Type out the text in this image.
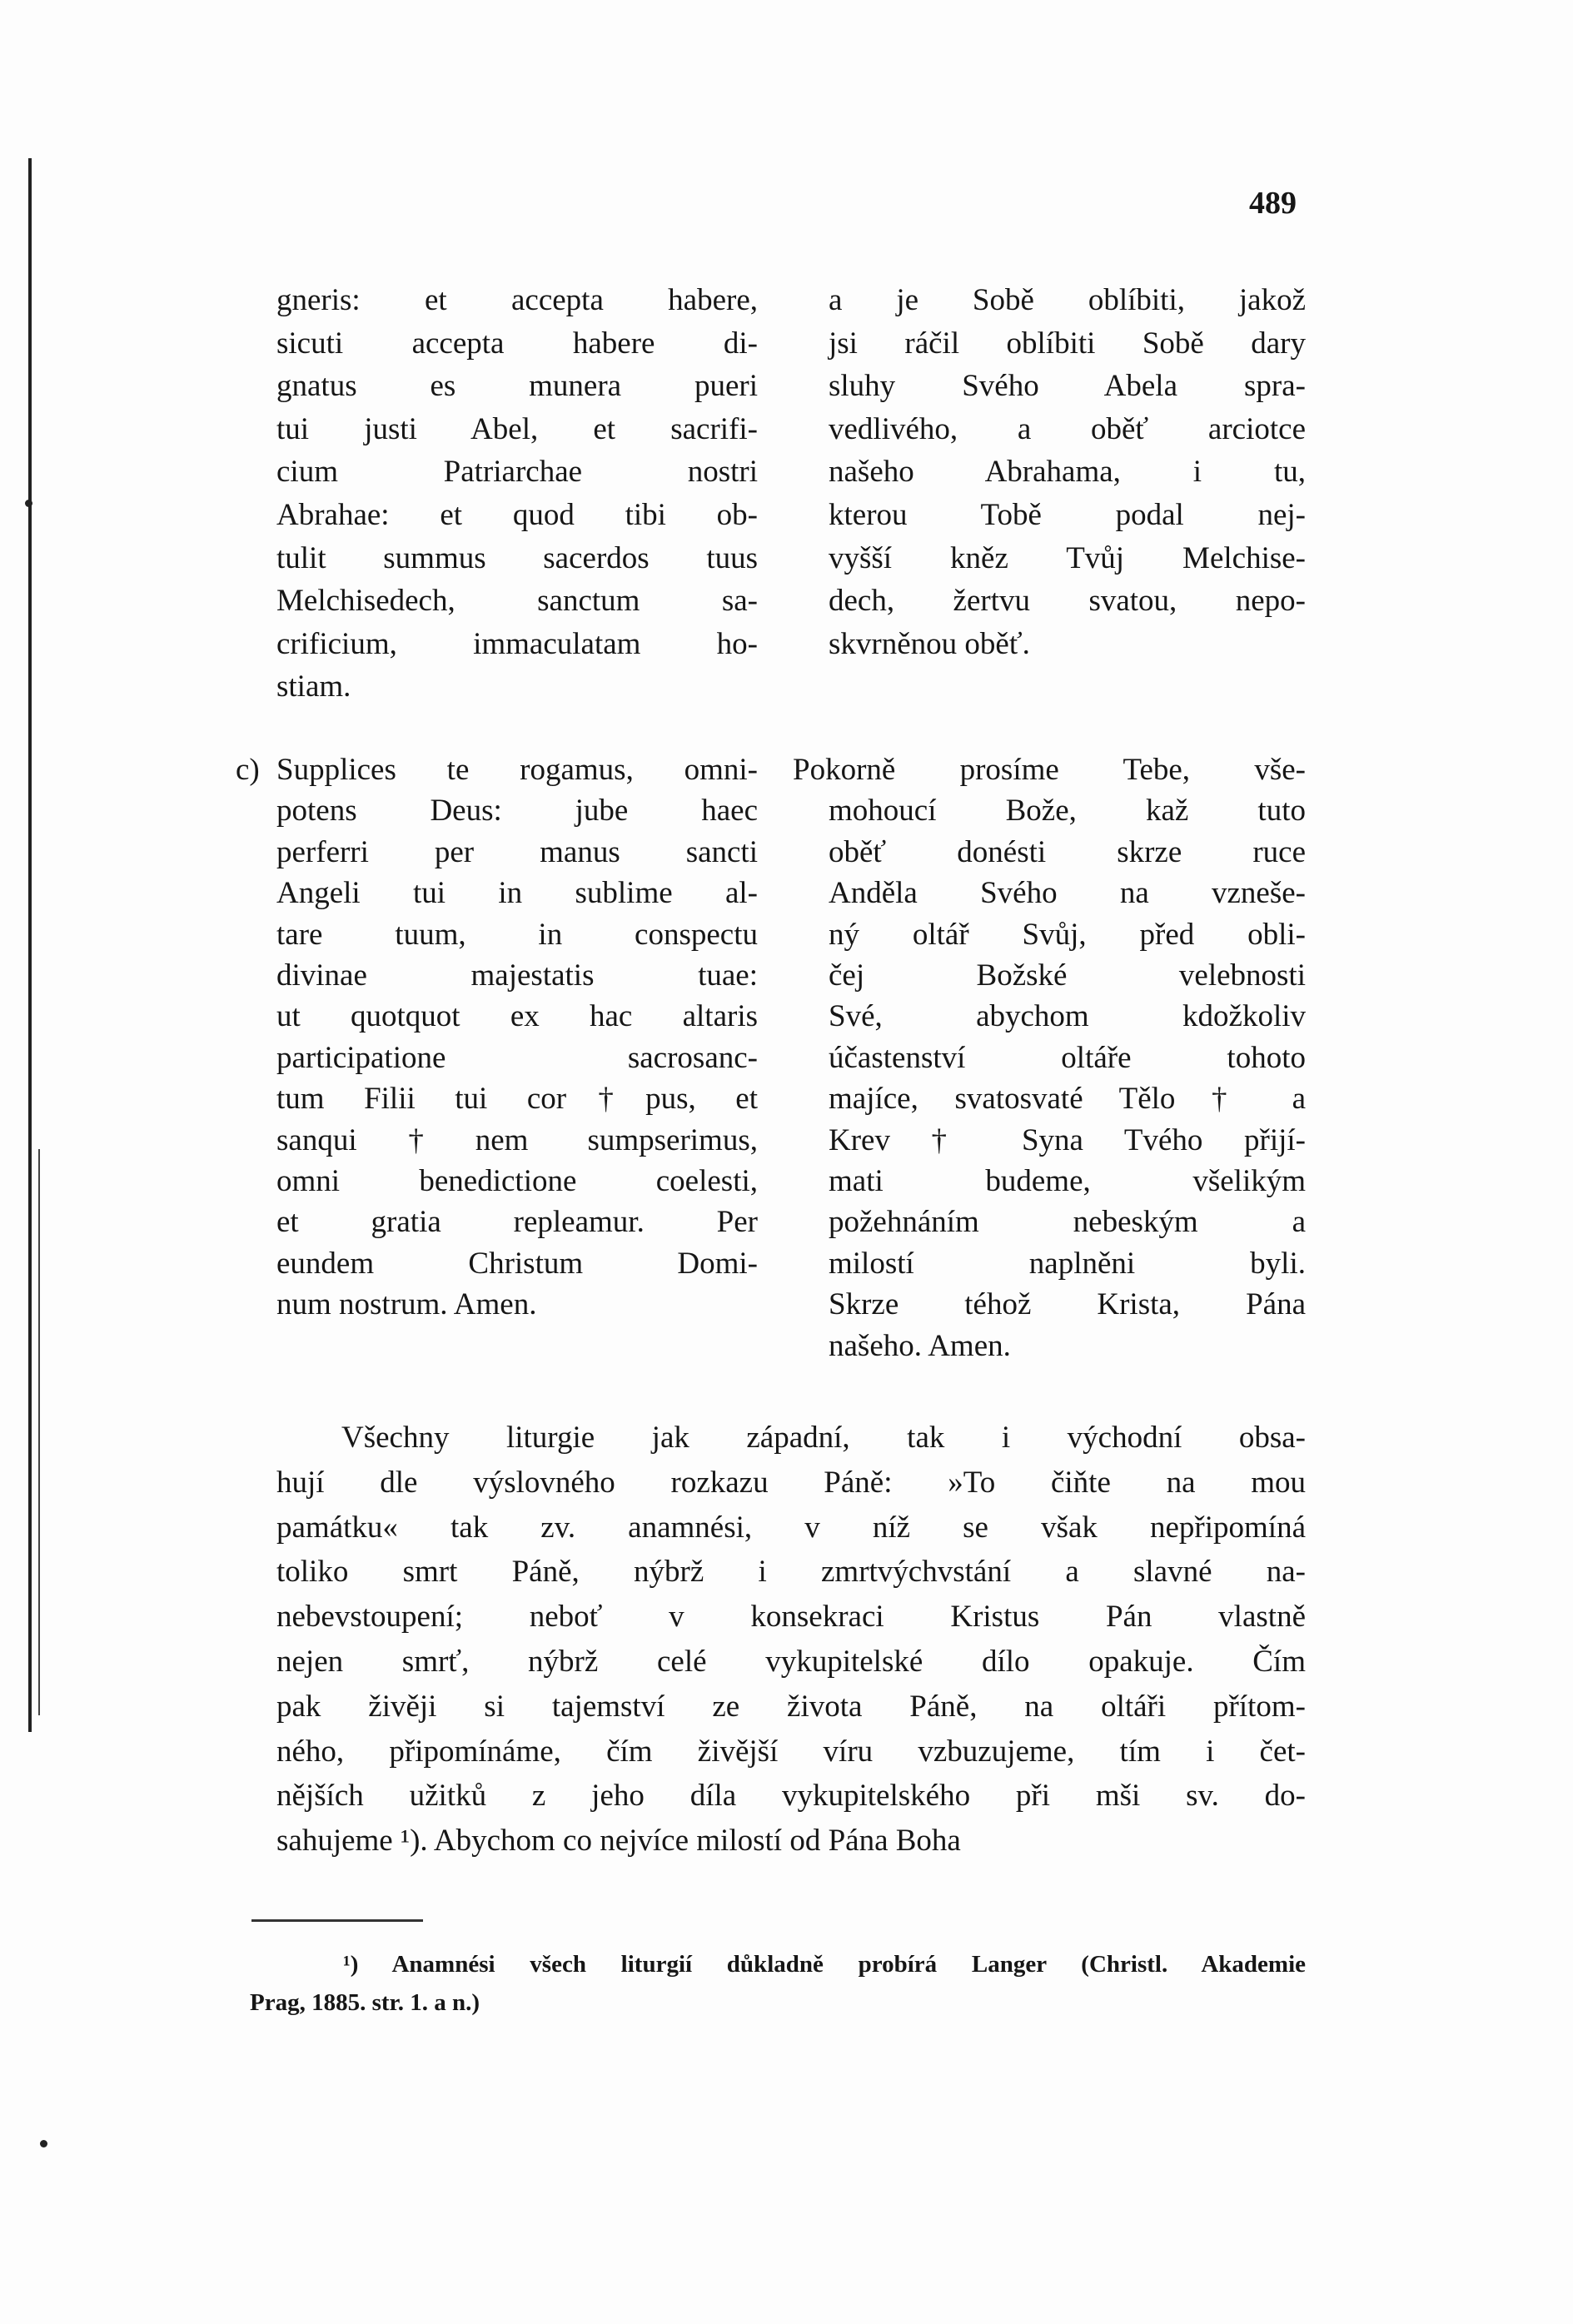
489
gneris: et accepta habere,
sicuti accepta habere di-
gnatus es munera pueri
tui justi Abel, et sacrifi-
cium Patriarchae nostri
Abrahae: et quod tibi ob-
tulit summus sacerdos tuus
Melchisedech, sanctum sa-
crificium, immaculatam ho-
stiam.
a je Sobě oblíbiti, jakož
jsi ráčil oblíbiti Sobě dary
sluhy Svého Abela spra-
vedlivého, a oběť arciotce
našeho Abrahama, i tu,
kterou Tobě podal nej-
vyšší kněz Tvůj Melchise-
dech, žertvu svatou, nepo-
skvrněnou oběť.
c) Supplices te rogamus, omni-
potens Deus: jube haec
perferri per manus sancti
Angeli tui in sublime al-
tare tuum, in conspectu
divinae majestatis tuae:
ut quotquot ex hac altaris
participatione sacrosanc-
tum Filii tui cor†pus, et
sanqui†nem sumpserimus,
omni benedictione coelesti,
et gratia repleamur. Per
eundem Christum Domi-
num nostrum. Amen.
Pokorně prosíme Tebe, vše-
mohoucí Bože, kaž tuto
oběť donésti skrze ruce
Anděla Svého na vzneše-
ný oltář Svůj, před obli-
čej Božské velebnosti
Své, abychom kdožkoliv
účastenství oltáře tohoto
majíce, svatosvaté Tělo † a
Krev † Syna Tvého přijí-
mati budeme, všelikým
požehnáním nebeským a
milostí naplněni byli.
Skrze téhož Krista, Pána
našeho. Amen.
Všechny liturgie jak západní, tak i východní obsa-
hují dle výslovného rozkazu Páně: »To čiňte na mou
památku« tak zv. anamnési, v níž se však nepřipomíná
toliko smrt Páně, nýbrž i zmrtvýchvstání a slavné na-
nebevstoupení; neboť v konsekraci Kristus Pán vlastně
nejen smrť, nýbrž celé vykupitelské dílo opakuje. Čím
pak živěji si tajemství ze života Páně, na oltáři přítom-
ného, připomínáme, čím živější víru vzbuzujeme, tím i čet-
nějších užitků z jeho díla vykupitelského při mši sv. do-
sahujeme ¹). Abychom co nejvíce milostí od Pána Boha
¹) Anamnési všech liturgií důkladně probírá Langer (Christl. Akademie
Prag, 1885. str. 1. a n.)
